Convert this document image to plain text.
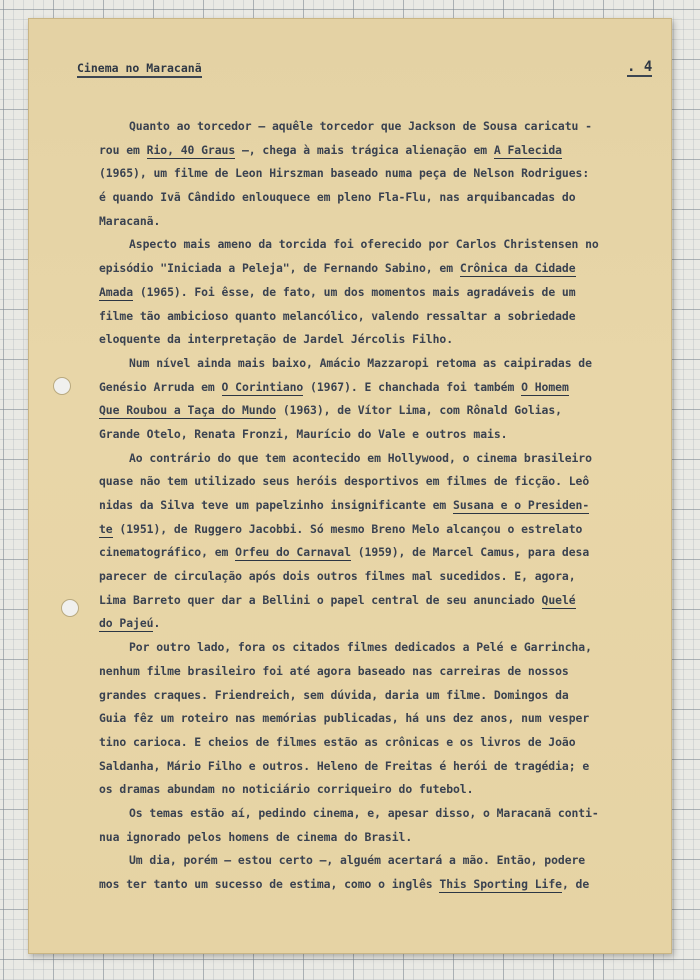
Cinema no Maracanã	. 4
Quanto ao torcedor — aquêle torcedor que Jackson de Sousa caricatu -
rou em Rio, 40 Graus —, chega à mais trágica alienação em A Falecida
(1965), um filme de Leon Hirszman baseado numa peça de Nelson Rodrigues:
é quando Ivã Cândido enlouquece em pleno Fla-Flu, nas arquibancadas do
Maracanã.
Aspecto mais ameno da torcida foi oferecido por Carlos Christensen no
episódio "Iniciada a Peleja", de Fernando Sabino, em Crônica da Cidade
Amada (1965). Foi êsse, de fato, um dos momentos mais agradáveis de um
filme tão ambicioso quanto melancólico, valendo ressaltar a sobriedade
eloquente da interpretação de Jardel Jércolis Filho.
Num nível ainda mais baixo, Amácio Mazzaropi retoma as caipiradas de
Genésio Arruda em O Corintiano (1967). E chanchada foi também O Homem
Que Roubou a Taça do Mundo (1963), de Vítor Lima, com Rônald Golias,
Grande Otelo, Renata Fronzi, Maurício do Vale e outros mais.
Ao contrário do que tem acontecido em Hollywood, o cinema brasileiro
quase não tem utilizado seus heróis desportivos em filmes de ficção. Leô
nidas da Silva teve um papelzinho insignificante em Susana e o Presiden-
te (1951), de Ruggero Jacobbi. Só mesmo Breno Melo alcançou o estrelato
cinematográfico, em Orfeu do Carnaval (1959), de Marcel Camus, para desa
parecer de circulação após dois outros filmes mal sucedidos. E, agora,
Lima Barreto quer dar a Bellini o papel central de seu anunciado Quelé
do Pajeú.
Por outro lado, fora os citados filmes dedicados a Pelé e Garrincha,
nenhum filme brasileiro foi até agora baseado nas carreiras de nossos
grandes craques. Friendreich, sem dúvida, daria um filme. Domingos da
Guia fêz um roteiro nas memórias publicadas, há uns dez anos, num vesper
tino carioca. E cheios de filmes estão as crônicas e os livros de João
Saldanha, Mário Filho e outros. Heleno de Freitas é herói de tragédia; e
os dramas abundam no noticiário corriqueiro do futebol.
Os temas estão aí, pedindo cinema, e, apesar disso, o Maracanã conti-
nua ignorado pelos homens de cinema do Brasil.
Um dia, porém — estou certo —, alguém acertará a mão. Então, podere
mos ter tanto um sucesso de estima, como o inglês This Sporting Life, de
